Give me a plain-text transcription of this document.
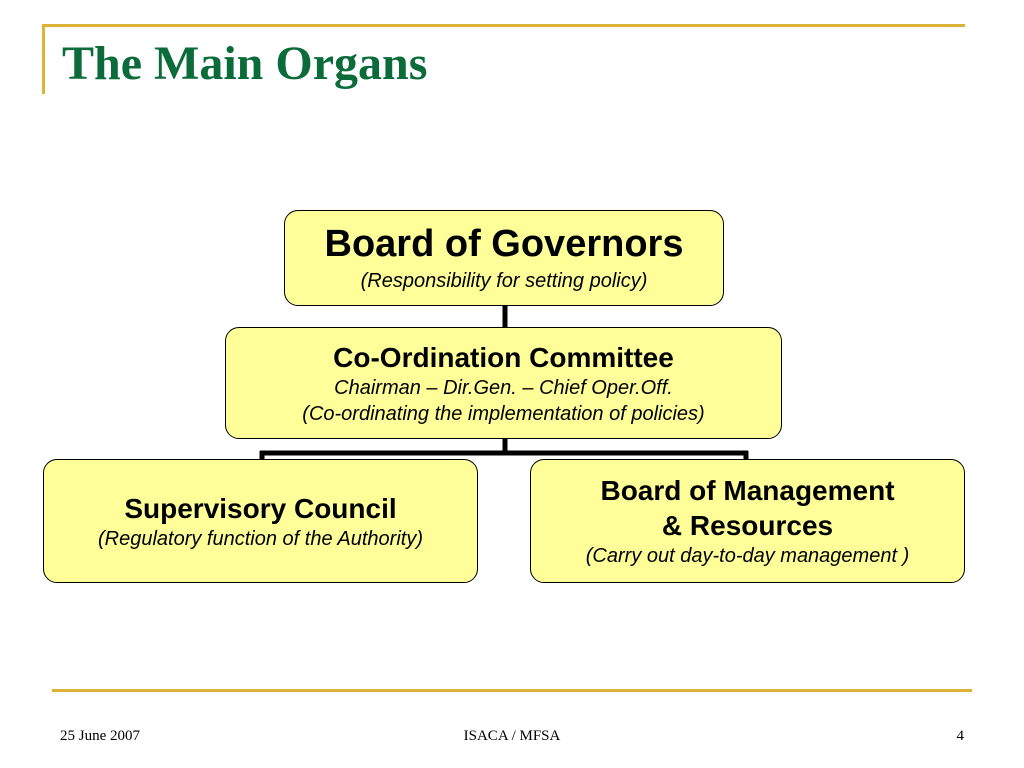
The Main Organs
Board of Governors
(Responsibility for setting policy)
Co-Ordination Committee
Chairman – Dir.Gen. – Chief Oper.Off.
(Co-ordinating the implementation of policies)
Supervisory Council
(Regulatory function of the Authority)
Board of Management
& Resources
(Carry out day-to-day management )
25 June 2007	ISACA / MFSA	4
